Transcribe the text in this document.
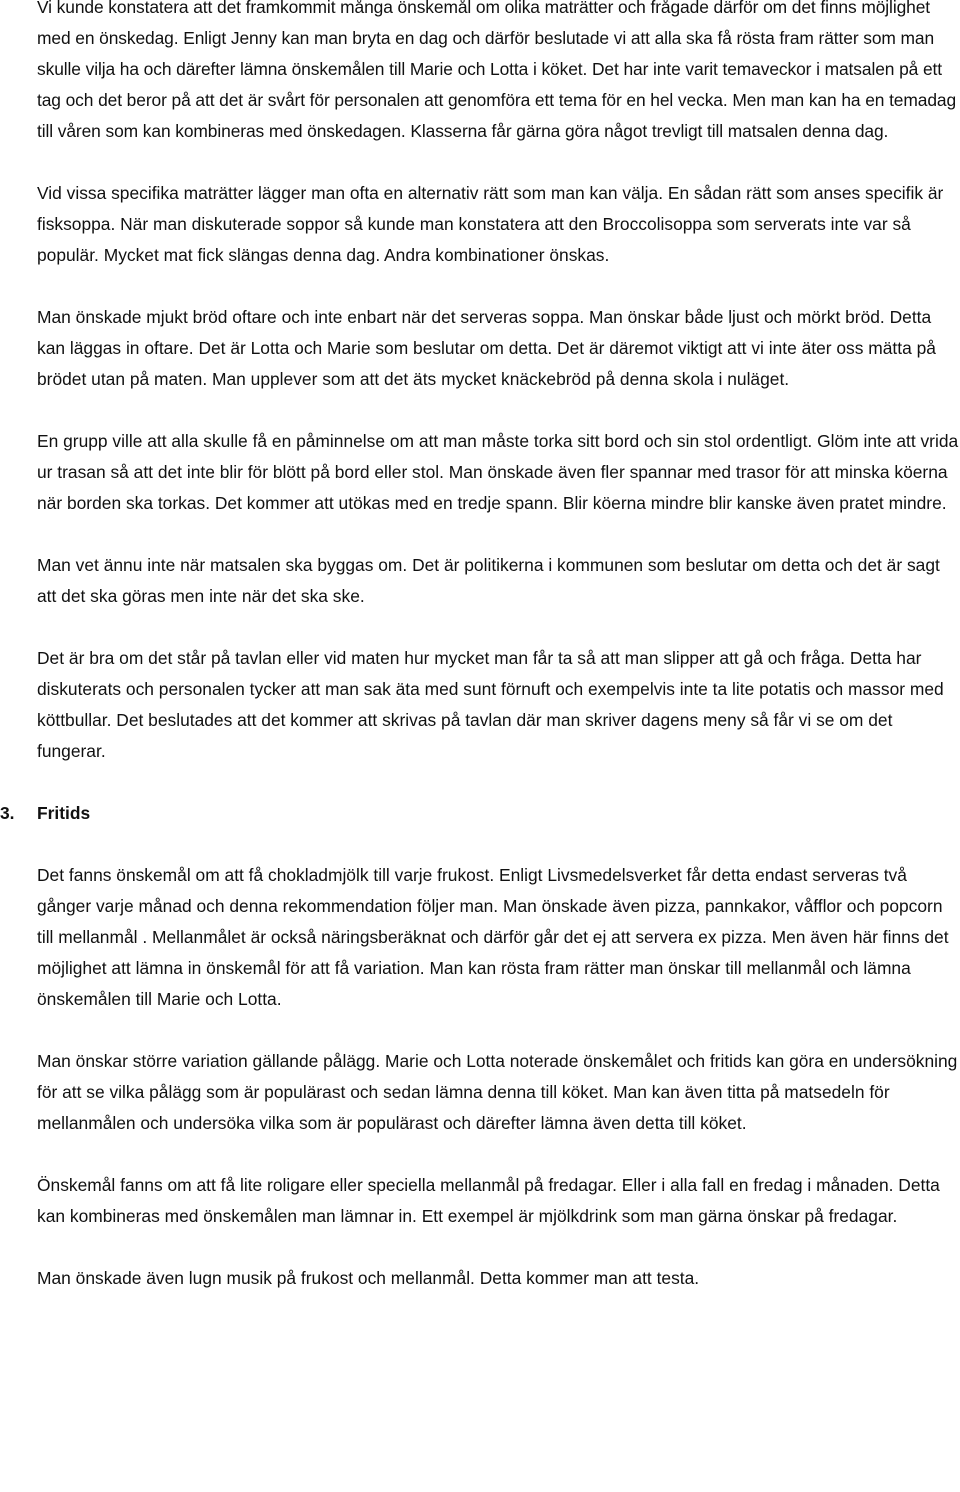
Vi kunde konstatera att det framkommit många önskemål om olika maträtter och frågade därför om det finns möjlighet med en önskedag. Enligt Jenny kan man bryta en dag och därför beslutade vi att alla ska få rösta fram rätter som man skulle vilja ha och därefter lämna önskemålen till Marie och Lotta i köket. Det har inte varit temaveckor i matsalen på ett tag och det beror på att det är svårt för personalen att genomföra ett tema för en hel vecka. Men man kan ha en temadag till våren som kan kombineras med önskedagen. Klasserna får gärna göra något trevligt till matsalen denna dag.

Vid vissa specifika maträtter lägger man ofta en alternativ rätt som man kan välja. En sådan rätt som anses specifik är fisksoppa. När man diskuterade soppor så kunde man konstatera att den Broccolisoppa som serverats inte var så populär. Mycket mat fick slängas denna dag. Andra kombinationer önskas.

Man önskade mjukt bröd oftare och inte enbart när det serveras soppa. Man önskar både ljust och mörkt bröd. Detta kan läggas in oftare. Det är Lotta och Marie som beslutar om detta. Det är däremot viktigt att vi inte äter oss mätta på brödet utan på maten. Man upplever som att det äts mycket knäckebröd på denna skola i nuläget.

En grupp ville att alla skulle få en påminnelse om att man måste torka sitt bord och sin stol ordentligt. Glöm inte att vrida ur trasan så att det inte blir för blött på bord eller stol. Man önskade även fler spannar med trasor för att minska köerna när borden ska torkas. Det kommer att utökas med en tredje spann. Blir köerna mindre blir kanske även pratet mindre.

Man vet ännu inte när matsalen ska byggas om. Det är politikerna i kommunen som beslutar om detta och det är sagt att det ska göras men inte när det ska ske.

Det är bra om det står på tavlan eller vid maten hur mycket man får ta så att man slipper att gå och fråga. Detta har diskuterats och personalen tycker att man sak äta med sunt förnuft och exempelvis inte ta lite potatis och massor med köttbullar. Det beslutades att det kommer att skrivas på tavlan där man skriver dagens meny så får vi se om det fungerar.

3. Fritids

Det fanns önskemål om att få chokladmjölk till varje frukost. Enligt Livsmedelsverket får detta endast serveras två gånger varje månad och denna rekommendation följer man. Man önskade även pizza, pannkakor, våfflor och popcorn till mellanmål . Mellanmålet är också näringsberäknat och därför går det ej att servera ex pizza. Men även här finns det möjlighet att lämna in önskemål för att få variation. Man kan rösta fram rätter man önskar till mellanmål och lämna önskemålen till Marie och Lotta.

Man önskar större variation gällande pålägg. Marie och Lotta noterade önskemålet och fritids kan göra en undersökning för att se vilka pålägg som är populärast och sedan lämna denna till köket. Man kan även titta på matsedeln för mellanmålen och undersöka vilka som är populärast och därefter lämna även detta till köket.

Önskemål fanns om att få lite roligare eller speciella mellanmål på fredagar. Eller i alla fall en fredag i månaden. Detta kan kombineras med önskemålen man lämnar in. Ett exempel är mjölkdrink som man gärna önskar på fredagar.

Man önskade även lugn musik på frukost och mellanmål. Detta kommer man att testa.
